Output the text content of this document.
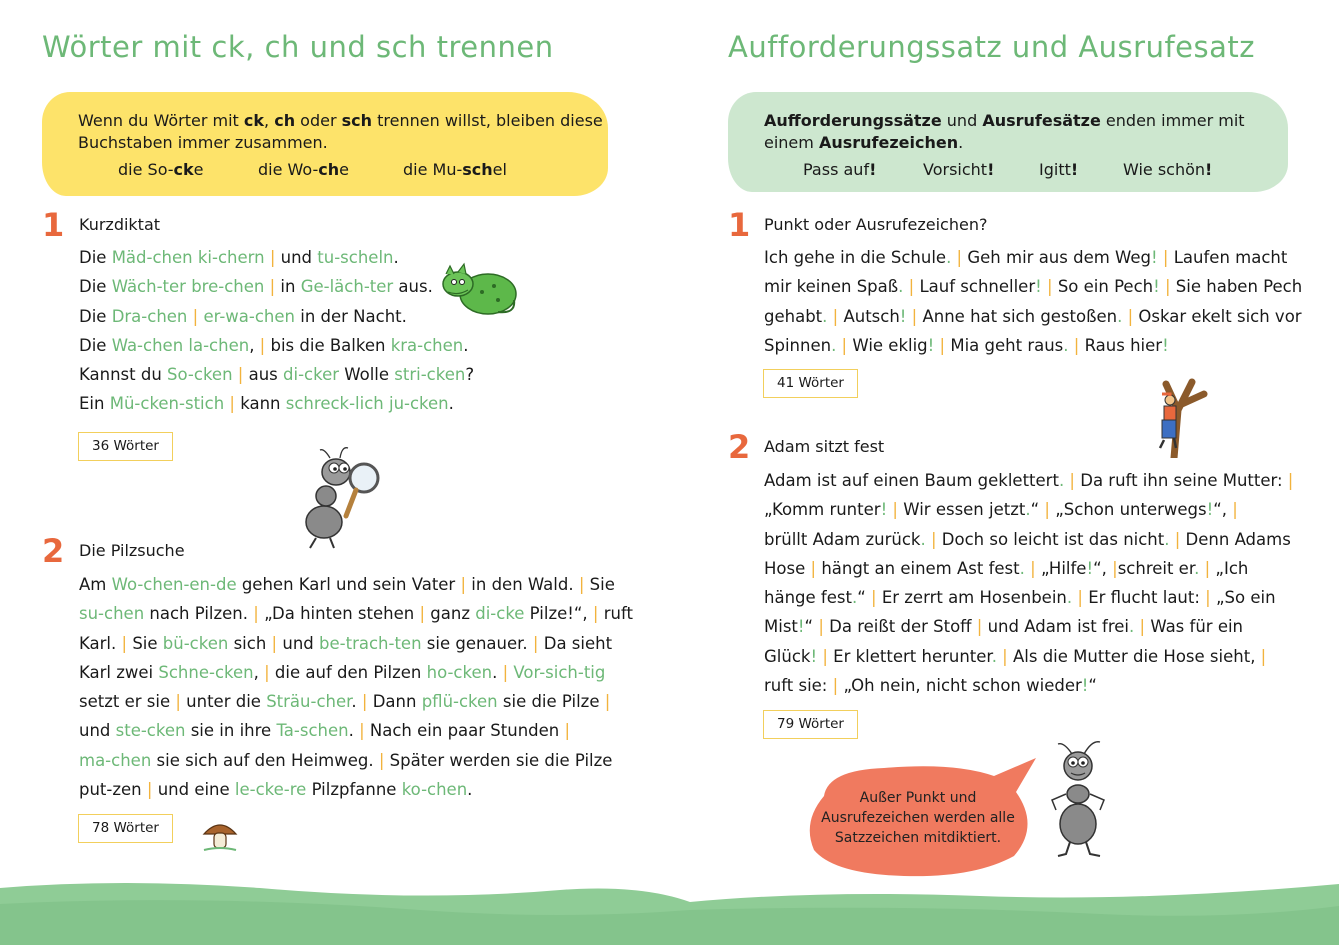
Wörter mit ck, ch und sch trennen
Wenn du Wörter mit ck, ch oder sch trennen willst, bleiben diese
Buchstaben immer zusammen.
die So-cke	die Wo-che	die Mu-schel
1 Kurzdiktat
Die Mäd-chen ki-chern | und tu-scheln.
Die Wäch-ter bre-chen | in Ge-läch-ter aus.
Die Dra-chen | er-wa-chen in der Nacht.
Die Wa-chen la-chen, | bis die Balken kra-chen.
Kannst du So-cken | aus di-cker Wolle stri-cken?
Ein Mü-cken-stich | kann schreck-lich ju-cken.
36 Wörter
2 Die Pilzsuche
Am Wo-chen-en-de gehen Karl und sein Vater | in den Wald. | Sie
su-chen nach Pilzen. | „Da hinten stehen | ganz di-cke Pilze!“, | ruft
Karl. | Sie bü-cken sich | und be-trach-ten sie genauer. | Da sieht
Karl zwei Schne-cken, | die auf den Pilzen ho-cken. | Vor-sich-tig
setzt er sie | unter die Sträu-cher. | Dann pflü-cken sie die Pilze |
und ste-cken sie in ihre Ta-schen. | Nach ein paar Stunden |
ma-chen sie sich auf den Heimweg. | Später werden sie die Pilze
put-zen | und eine le-cke-re Pilzpfanne ko-chen.
78 Wörter
Aufforderungssatz und Ausrufesatz
Aufforderungssätze und Ausrufesätze enden immer mit
einem Ausrufezeichen.
Pass auf!	Vorsicht!	Igitt!	Wie schön!
1 Punkt oder Ausrufezeichen?
Ich gehe in die Schule. | Geh mir aus dem Weg! | Laufen macht
mir keinen Spaß. | Lauf schneller! | So ein Pech! | Sie haben Pech
gehabt. | Autsch! | Anne hat sich gestoßen. | Oskar ekelt sich vor
Spinnen. | Wie eklig! | Mia geht raus. | Raus hier!
41 Wörter
2 Adam sitzt fest
Adam ist auf einen Baum geklettert. | Da ruft ihn seine Mutter: |
„Komm runter! | Wir essen jetzt.“ | „Schon unterwegs!“, |
brüllt Adam zurück. | Doch so leicht ist das nicht. | Denn Adams
Hose | hängt an einem Ast fest. | „Hilfe!“, |schreit er. | „Ich
hänge fest.“ | Er zerrt am Hosenbein. | Er flucht laut: | „So ein
Mist!“ | Da reißt der Stoff | und Adam ist frei. | Was für ein
Glück! | Er klettert herunter. | Als die Mutter die Hose sieht, |
ruft sie: | „Oh nein, nicht schon wieder!“
79 Wörter
Außer Punkt und
Ausrufezeichen werden alle
Satzzeichen mitdiktiert.
